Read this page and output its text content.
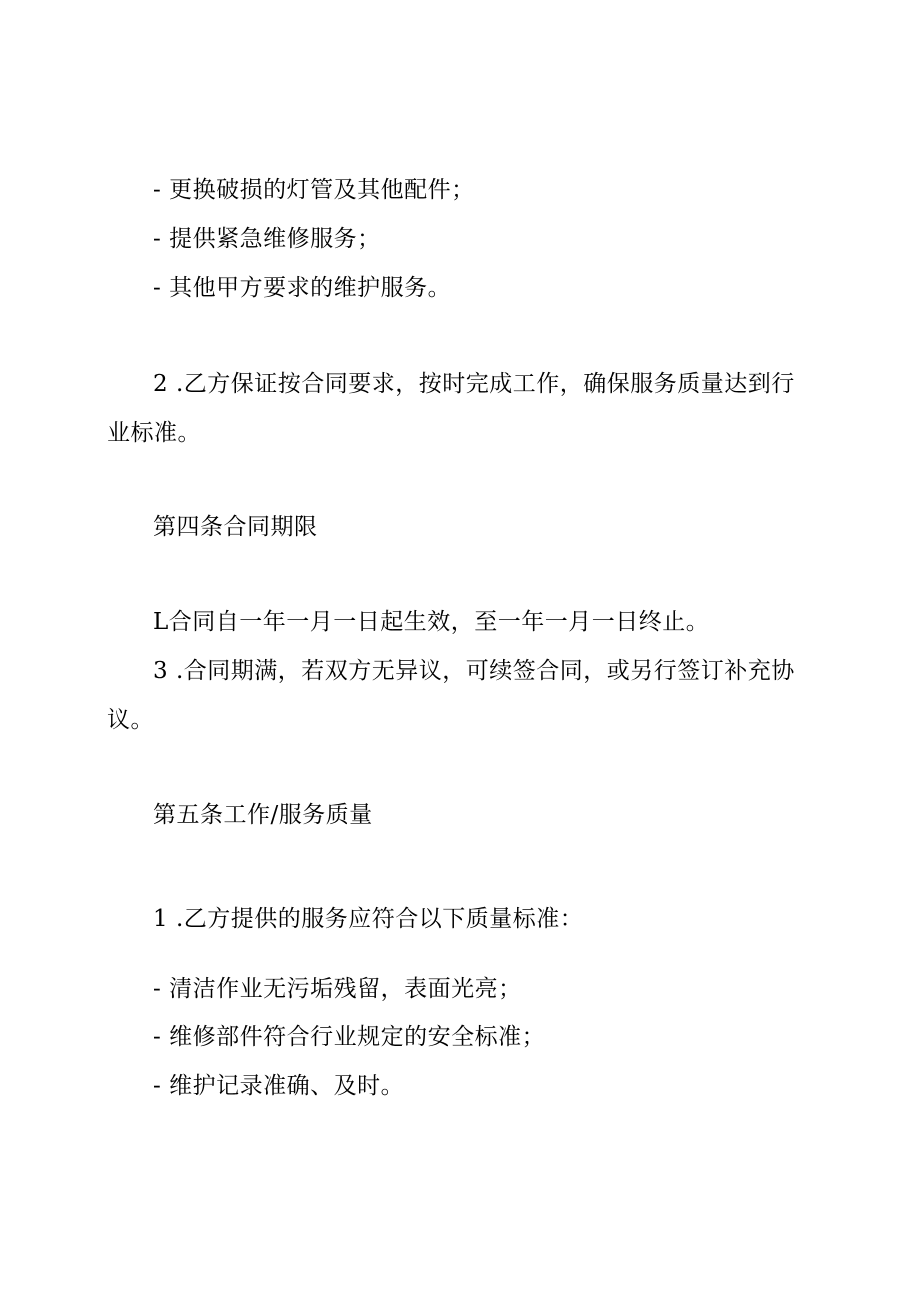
- 更换破损的灯管及其他配件；
- 提供紧急维修服务；
- 其他甲方要求的维护服务。
2 .乙方保证按合同要求，按时完成工作，确保服务质量达到行
业标准。
第四条合同期限
L合同自一年一月一日起生效，至一年一月一日终止。
3 .合同期满，若双方无异议，可续签合同，或另行签订补充协
议。
第五条工作/服务质量
1 .乙方提供的服务应符合以下质量标准：
- 清洁作业无污垢残留，表面光亮；
- 维修部件符合行业规定的安全标准；
- 维护记录准确、及时。
